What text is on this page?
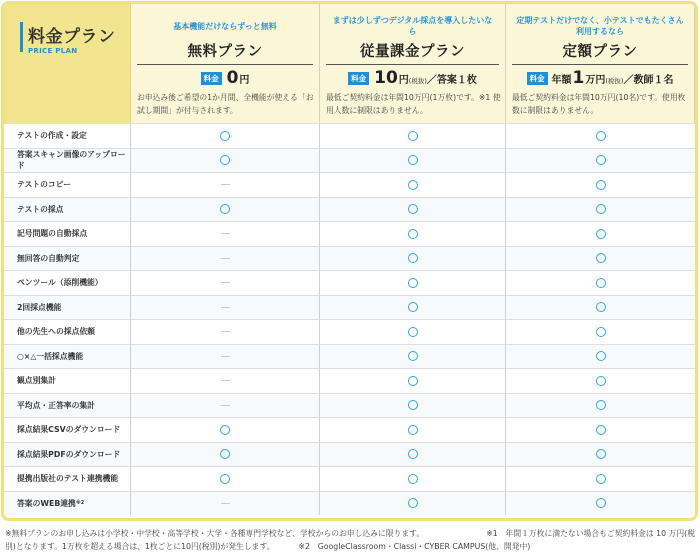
料金プラン
PRICE PLAN
基本機能だけならずっと無料
無料プラン
料金 0 円
お申込み後ご希望の1か月間、全機能が使える「お試し期間」が付与されます。
まずは少しずつデジタル採点を導入したいなら
従量課金プラン
料金 10 円 (税抜) ／答案１枚
最低ご契約料金は年間10万円(1万枚)です。※1 使用人数に制限はありません。
定期テストだけでなく、小テストでもたくさん利用するなら
定額プラン
料金 年額 1 万円 (税抜) ／教師１名
最低ご契約料金は年間10万円(10名)です。使用枚数に制限はありません。
テストの作成・設定
答案スキャン画像のアップロード
テストのコピー
テストの採点
記号問題の自動採点
無回答の自動判定
ペンツール（添削機能）
2回採点機能
他の先生への採点依頼
○×△一括採点機能
観点別集計
平均点・正答率の集計
採点結果CSVのダウンロード
採点結果PDFのダウンロード
提携出版社のテスト連携機能
答案のWEB連携 ※2
※無料プランのお申し込みは小学校・中学校・高等学校・大学・各種専門学校など、学校からのお申し込みに限ります。	※1　年間１万枚に満たない場合もご契約料金は 10 万円(税
別)となります。1万枚を超える場合は、1枚ごとに10円(税別)が発生します。	※2　GoogleClassroom・Classi・CYBER CAMPUS(他、開発中)
